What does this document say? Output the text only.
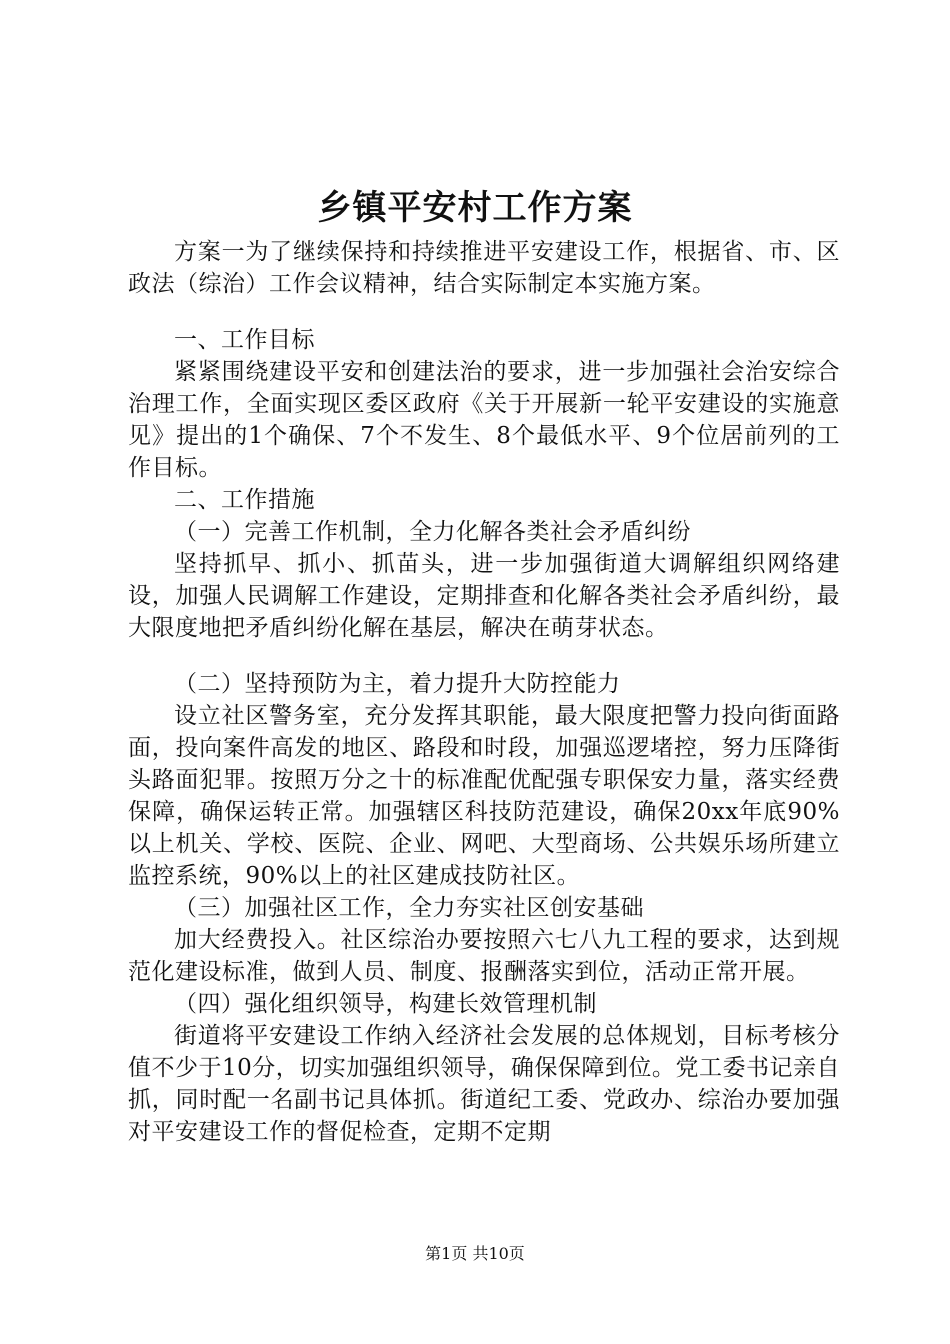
乡镇平安村工作方案

方案一为了继续保持和持续推进平安建设工作，根据省、市、区政法（综治）工作会议精神，结合实际制定本实施方案。

一、工作目标

紧紧围绕建设平安和创建法治的要求，进一步加强社会治安综合治理工作，全面实现区委区政府《关于开展新一轮平安建设的实施意见》提出的1个确保、7个不发生、8个最低水平、9个位居前列的工作目标。

二、工作措施

（一）完善工作机制，全力化解各类社会矛盾纠纷

坚持抓早、抓小、抓苗头，进一步加强街道大调解组织网络建设，加强人民调解工作建设，定期排查和化解各类社会矛盾纠纷，最大限度地把矛盾纠纷化解在基层，解决在萌芽状态。

（二）坚持预防为主，着力提升大防控能力

设立社区警务室，充分发挥其职能，最大限度把警力投向街面路面，投向案件高发的地区、路段和时段，加强巡逻堵控，努力压降街头路面犯罪。按照万分之十的标准配优配强专职保安力量，落实经费保障，确保运转正常。加强辖区科技防范建设，确保20xx年底90%以上机关、学校、医院、企业、网吧、大型商场、公共娱乐场所建立监控系统，90%以上的社区建成技防社区。

（三）加强社区工作，全力夯实社区创安基础

加大经费投入。社区综治办要按照六七八九工程的要求，达到规范化建设标准，做到人员、制度、报酬落实到位，活动正常开展。

（四）强化组织领导，构建长效管理机制

街道将平安建设工作纳入经济社会发展的总体规划，目标考核分值不少于10分，切实加强组织领导，确保保障到位。党工委书记亲自抓，同时配一名副书记具体抓。街道纪工委、党政办、综治办要加强对平安建设工作的督促检查，定期不定期

第1页 共10页
